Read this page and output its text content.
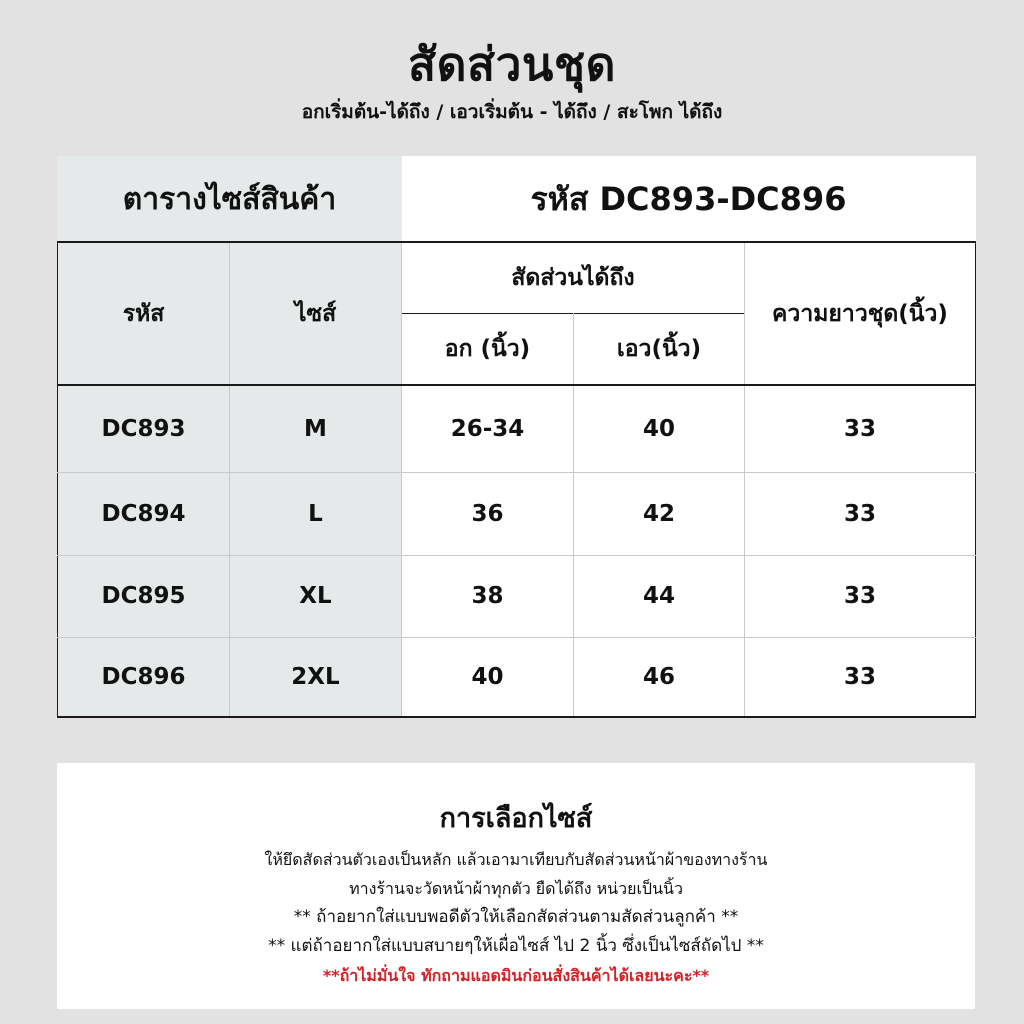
สัดส่วนชุด
อกเริ่มต้น-ได้ถึง / เอวเริ่มต้น - ได้ถึง / สะโพก ได้ถึง
ตารางไซส์สินค้า		รหัส DC893-DC896		
รหัส	ไซส์	สัดส่วนได้ถึง		ความยาวชุด(นิ้ว)
		อก (นิ้ว)	เอว(นิ้ว)	
DC893	M	26-34	40	33
DC894	L	36	42	33
DC895	XL	38	44	33
DC896	2XL	40	46	33
การเลือกไซส์
ให้ยึดสัดส่วนตัวเองเป็นหลัก แล้วเอามาเทียบกับสัดส่วนหน้าผ้าของทางร้าน
ทางร้านจะวัดหน้าผ้าทุกตัว ยืดได้ถึง หน่วยเป็นนิ้ว
** ถ้าอยากใส่แบบพอดีตัวให้เลือกสัดส่วนตามสัดส่วนลูกค้า **
** แต่ถ้าอยากใส่แบบสบายๆให้เผื่อไซส์ ไป 2 นิ้ว ซึ่งเป็นไซส์ถัดไป **
**ถ้าไม่มั่นใจ ทักถามแอดมินก่อนสั่งสินค้าได้เลยนะคะ**
